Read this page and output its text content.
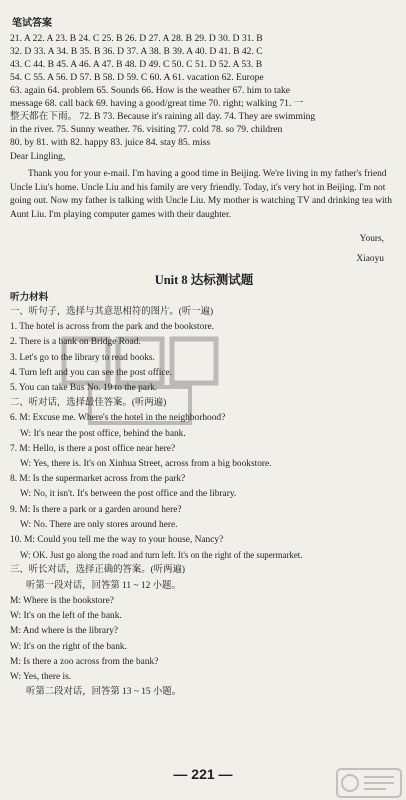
笔试答案
21. A 22. A 23. B 24. C 25. B 26. D 27. A 28. B 29. D 30. D 31. B
32. D 33. A 34. B 35. B 36. D 37. A 38. B 39. A 40. D 41. B 42. C
43. C 44. B 45. A 46. A 47. B 48. D 49. C 50. C 51. D 52. A 53. B
54. C 55. A 56. D 57. B 58. D 59. C 60. A 61. vacation 62. Europe
63. again 64. problem 65. Sounds 66. How is the weather 67. him to take
message 68. call back 69. having a good/great time 70. right; walking 71. 一
整天都在下雨。 72. B 73. Because it's raining all day. 74. They are swimming
in the river. 75. Sunny weather. 76. visiting 77. cold 78. so 79. children
80. by 81. with 82. happy 83. juice 84. stay 85. miss

Dear Lingling,

Thank you for your e-mail. I'm having a good time in Beijing. We're living in my father's friend Uncle Liu's home. Uncle Liu and his family are very friendly. Today, it's very hot in Beijing. I'm not going out. Now my father is talking with Uncle Liu. My mother is watching TV and drinking tea with Aunt Liu. I'm playing computer games with their daughter.

Yours,
Xiaoyu
Unit 8 达标测试题
听力材料
一、听句子，选择与其意思相符的图片。(听一遍)
1. The hotel is across from the park and the bookstore.
2. There is a bank on Bridge Road.
3. Let's go to the library to read books.
4. Turn left and you can see the post office.
5. You can take Bus No. 19 to the park.
二、听对话，选择最佳答案。(听两遍)
6. M: Excuse me. Where's the hotel in the neighborhood?
W: It's near the post office, behind the bank.
7. M: Hello, is there a post office near here?
W: Yes, there is. It's on Xinhua Street, across from a big bookstore.
8. M: Is the supermarket across from the park?
W: No, it isn't. It's between the post office and the library.
9. M: Is there a park or a garden around here?
W: No. There are only stores around here.
10. M: Could you tell me the way to your house, Nancy?
W: OK. Just go along the road and turn left. It's on the right of the supermarket.
三、听长对话，选择正确的答案。(听两遍)
听第一段对话，回答第 11 ~ 12 小题。
M: Where is the bookstore?
W: It's on the left of the bank.
M: And where is the library?
W: It's on the right of the bank.
M: Is there a zoo across from the bank?
W: Yes, there is.
听第二段对话，回答第 13 ~ 15 小题。
— 221 —
